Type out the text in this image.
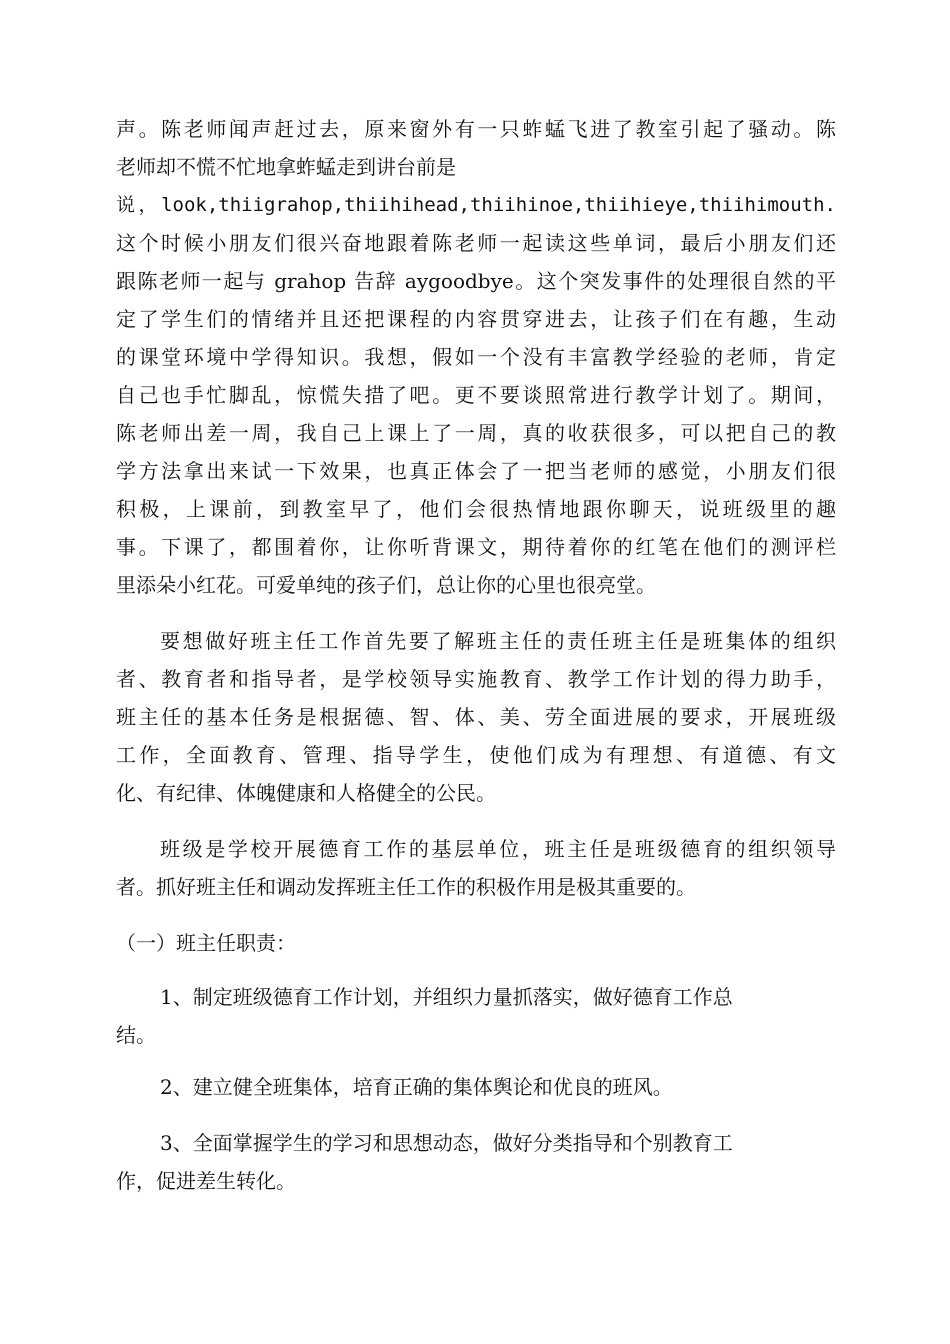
声。陈老师闻声赶过去，原来窗外有一只蚱蜢飞进了教室引起了骚动。陈
老师却不慌不忙地拿蚱蜢走到讲台前是
说，look,thiigrahop,thiihihead,thiihinoe,thiihieye,thiihimouth.
这个时候小朋友们很兴奋地跟着陈老师一起读这些单词，最后小朋友们还
跟陈老师一起与 grahop 告辞 aygoodbye。这个突发事件的处理很自然的平
定了学生们的情绪并且还把课程的内容贯穿进去，让孩子们在有趣，生动
的课堂环境中学得知识。我想，假如一个没有丰富教学经验的老师，肯定
自己也手忙脚乱，惊慌失措了吧。更不要谈照常进行教学计划了。期间，
陈老师出差一周，我自己上课上了一周，真的收获很多，可以把自己的教
学方法拿出来试一下效果，也真正体会了一把当老师的感觉，小朋友们很
积极，上课前，到教室早了，他们会很热情地跟你聊天，说班级里的趣
事。下课了，都围着你，让你听背课文，期待着你的红笔在他们的测评栏
里添朵小红花。可爱单纯的孩子们，总让你的心里也很亮堂。
要想做好班主任工作首先要了解班主任的责任班主任是班集体的组织
者、教育者和指导者，是学校领导实施教育、教学工作计划的得力助手，
班主任的基本任务是根据德、智、体、美、劳全面进展的要求，开展班级
工作，全面教育、管理、指导学生，使他们成为有理想、有道德、有文
化、有纪律、体魄健康和人格健全的公民。
班级是学校开展德育工作的基层单位，班主任是班级德育的组织领导
者。抓好班主任和调动发挥班主任工作的积极作用是极其重要的。
（一）班主任职责：
1、制定班级德育工作计划，并组织力量抓落实，做好德育工作总
结。
2、建立健全班集体，培育正确的集体舆论和优良的班风。
3、全面掌握学生的学习和思想动态，做好分类指导和个别教育工
作，促进差生转化。
